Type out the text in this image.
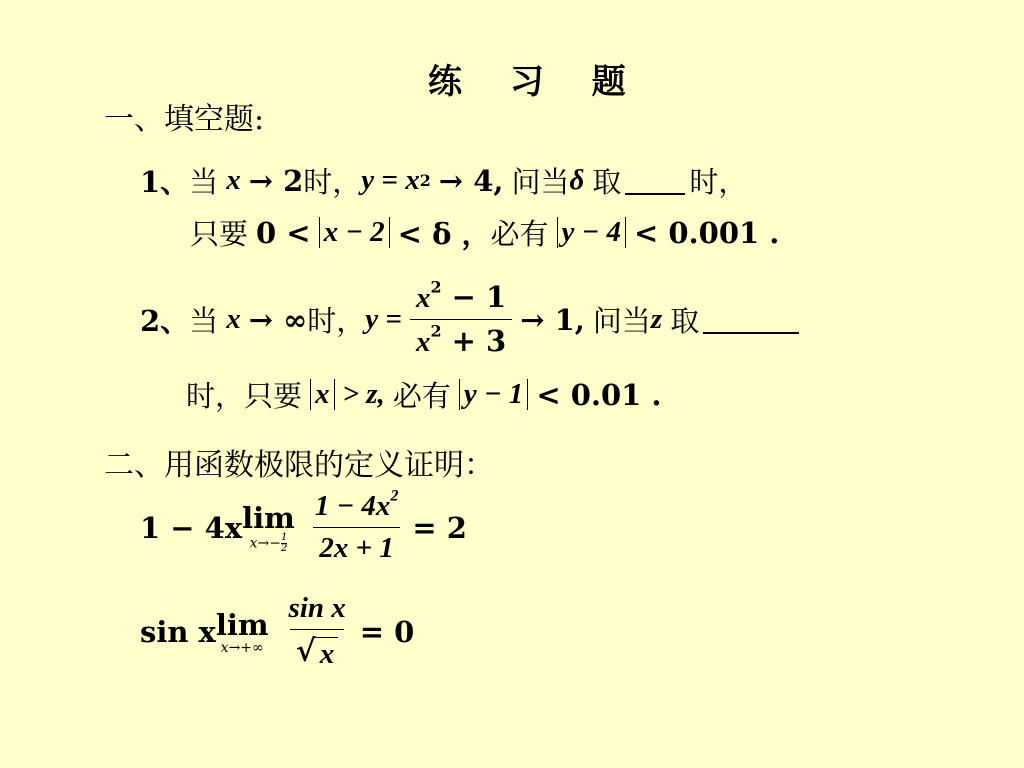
练 习 题
一、填空题:
1、 当 x → 2 时， y = x 2 → 4, 问当 δ 取 时，
只要 0 < x − 2 < δ ， 必有 y − 4 < 0.001 .
2、 当 x → ∞ 时， $y = \frac{x^2 - 1}{x^2 + 3} \to 1$, 问当 z 取
时， 只要 x > z, 必有 y − 1 < 0.01 .
二、用函数极限的定义证明：
1 − 4x lim
$x\to- \frac{1}{2} \frac{1 - 4x^2}{2x + 1} = 2$
sin x lim
$x\to+\infty \frac{\text{sin x}}{√ x} = 0$
